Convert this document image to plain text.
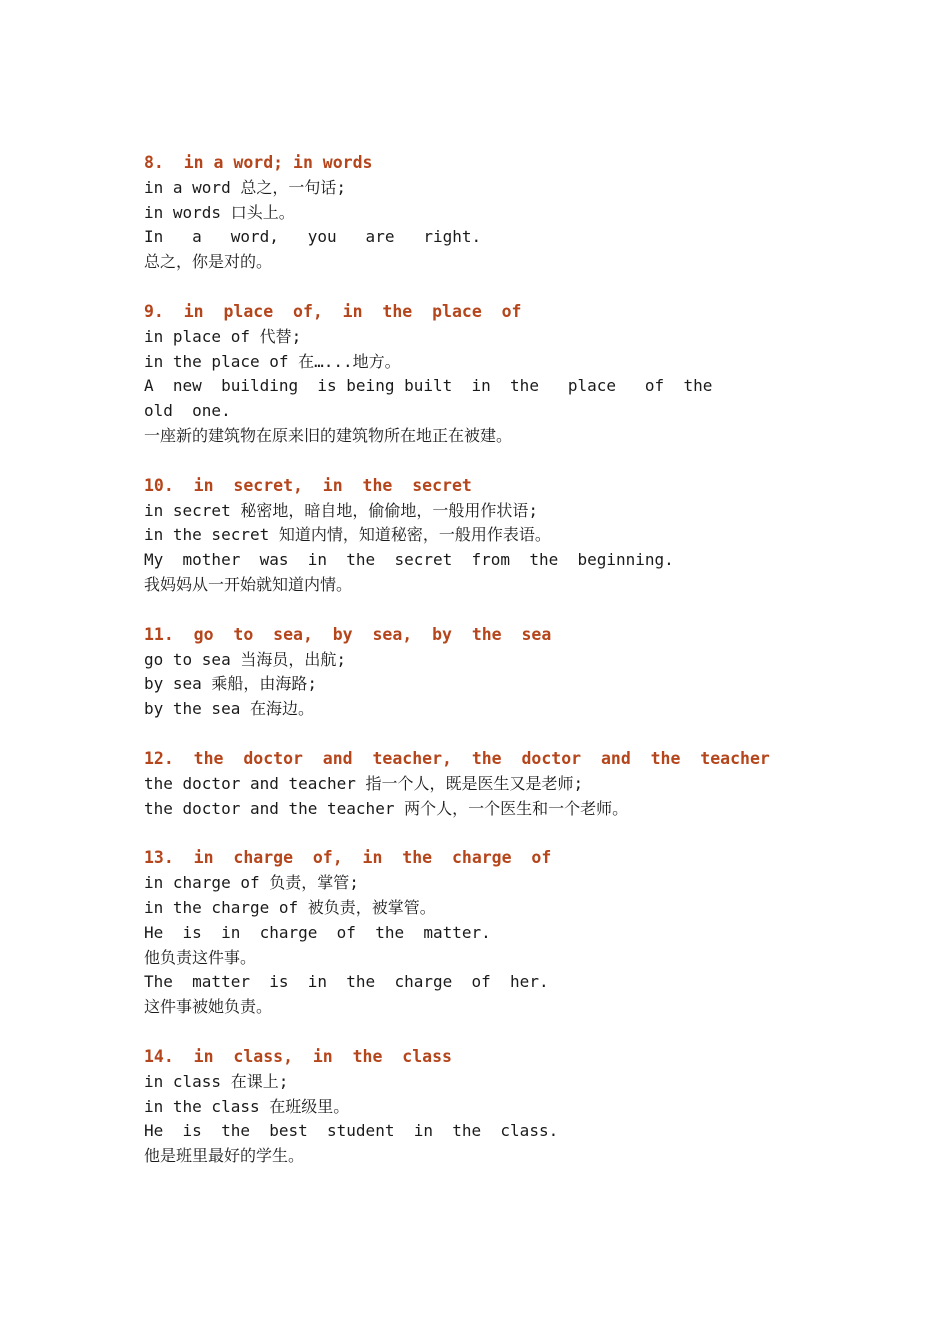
8.  in a word; in words
in a word 总之，一句话;
in words 口头上。
In   a   word,   you   are   right.
总之，你是对的。
9.  in  place  of,  in  the  place  of
in place of 代替;
in the place of 在…...地方。
A  new  building  is being built  in  the   place   of  the
old  one.
一座新的建筑物在原来旧的建筑物所在地正在被建。
10.  in  secret,  in  the  secret
in secret 秘密地，暗自地，偷偷地，一般用作状语;
in the secret 知道内情，知道秘密，一般用作表语。
My  mother  was  in  the  secret  from  the  beginning.
我妈妈从一开始就知道内情。
11.  go  to  sea,  by  sea,  by  the  sea
go to sea 当海员，出航;
by sea 乘船，由海路;
by the sea 在海边。
12.  the  doctor  and  teacher,  the  doctor  and  the  teacher
the doctor and teacher 指一个人，既是医生又是老师;
the doctor and the teacher 两个人，一个医生和一个老师。
13.  in  charge  of,  in  the  charge  of
in charge of 负责，掌管;
in the charge of 被负责，被掌管。
He  is  in  charge  of  the  matter.
他负责这件事。
The  matter  is  in  the  charge  of  her.
这件事被她负责。
14.  in  class,  in  the  class
in class 在课上;
in the class 在班级里。
He  is  the  best  student  in  the  class.
他是班里最好的学生。
